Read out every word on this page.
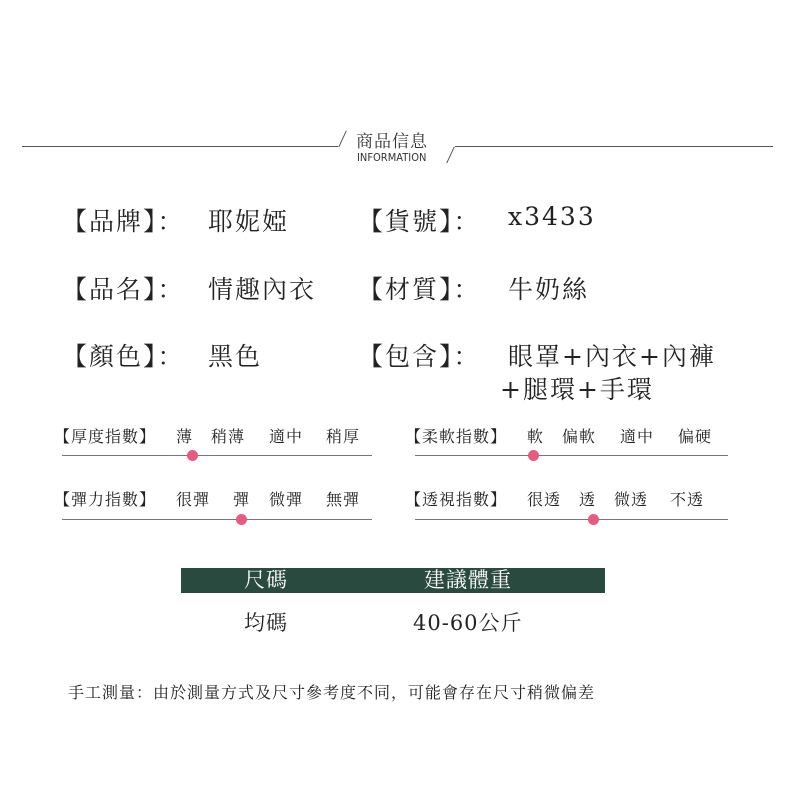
商品信息
INFORMATION
【品牌】： 耶妮婭	【貨號】： x3433
【品名】： 情趣內衣 【材質】： 牛奶絲
【顏色】： 黑色	【包含】： 眼罩+內衣+內褲
+腿環+手環
【厚度指數】 薄 稍薄 適中 稍厚	【柔軟指數】 軟 偏軟 適中 偏硬
【彈力指數】 很彈 彈 微彈 無彈	【透視指數】 很透 透 微透 不透
尺碼	建議體重
均碼	40-60公斤
手工測量：由於測量方式及尺寸參考度不同，可能會存在尺寸稍微偏差
